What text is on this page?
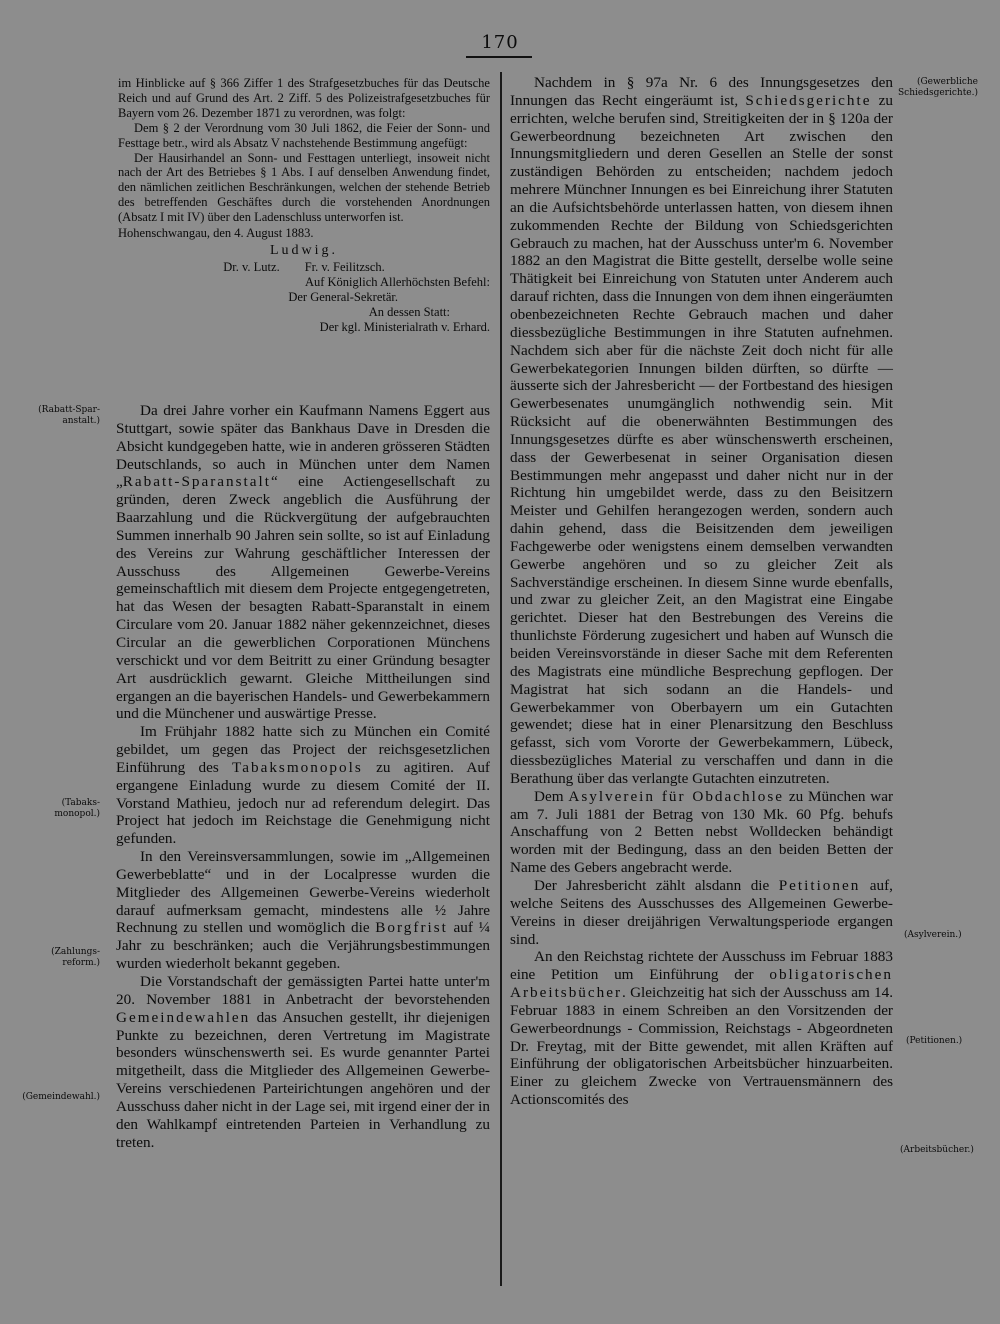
170

im Hinblicke auf § 366 Ziffer 1 des Strafgesetzbuches für das Deutsche Reich und auf Grund des Art. 2 Ziff. 5 des Polizeistrafgesetzbuches für Bayern vom 26. Dezember 1871 zu verordnen, was folgt:

Dem § 2 der Verordnung vom 30 Juli 1862, die Feier der Sonn- und Festtage betr., wird als Absatz V nachstehende Bestimmung angefügt:

Der Hausirhandel an Sonn- und Festtagen unterliegt, insoweit nicht nach der Art des Betriebes § 1 Abs. I auf denselben Anwendung findet, den nämlichen zeitlichen Beschränkungen, welchen der stehende Betrieb des betreffenden Geschäftes durch die vorstehenden Anordnungen (Absatz I mit IV) über den Ladenschluss unterworfen ist.

Hohenschwangau, den 4. August 1883.

Ludwig.

Dr. v. Lutz.        Fr. v. Feilitzsch.

Auf Königlich Allerhöchsten Befehl:

Der General-Sekretär.

An dessen Statt:

Der kgl. Ministerialrath v. Erhard.

Da drei Jahre vorher ein Kaufmann Namens Eggert aus Stuttgart, sowie später das Bankhaus Dave in Dresden die Absicht kundgegeben hatte, wie in anderen grösseren Städten Deutschlands, so auch in München unter dem Namen „Rabatt-Sparanstalt“ eine Actiengesellschaft zu gründen, deren Zweck angeblich die Ausführung der Baarzahlung und die Rückvergütung der aufgebrauchten Summen innerhalb 90 Jahren sein sollte, so ist auf Einladung des Vereins zur Wahrung geschäftlicher Interessen der Ausschuss des Allgemeinen Gewerbe-Vereins gemeinschaftlich mit diesem dem Projecte entgegengetreten, hat das Wesen der besagten Rabatt-Sparanstalt in einem Circulare vom 20. Januar 1882 näher gekennzeichnet, dieses Circular an die gewerblichen Corporationen Münchens verschickt und vor dem Beitritt zu einer Gründung besagter Art ausdrücklich gewarnt. Gleiche Mittheilungen sind ergangen an die bayerischen Handels- und Gewerbekammern und die Münchener und auswärtige Presse.

Im Frühjahr 1882 hatte sich zu München ein Comité gebildet, um gegen das Project der reichsgesetzlichen Einführung des Tabaksmonopols zu agitiren. Auf ergangene Einladung wurde zu diesem Comité der II. Vorstand Mathieu, jedoch nur ad referendum delegirt. Das Project hat jedoch im Reichstage die Genehmigung nicht gefunden.

In den Vereinsversammlungen, sowie im „Allgemeinen Gewerbeblatte“ und in der Localpresse wurden die Mitglieder des Allgemeinen Gewerbe-Vereins wiederholt darauf aufmerksam gemacht, mindestens alle ½ Jahre Rechnung zu stellen und womöglich die Borgfrist auf ¼ Jahr zu beschränken; auch die Verjährungsbestimmungen wurden wiederholt bekannt gegeben.

Die Vorstandschaft der gemässigten Partei hatte unter'm 20. November 1881 in Anbetracht der bevorstehenden Gemeindewahlen das Ansuchen gestellt, ihr diejenigen Punkte zu bezeichnen, deren Vertretung im Magistrate besonders wünschenswerth sei. Es wurde genannter Partei mitgetheilt, dass die Mitglieder des Allgemeinen Gewerbe-Vereins verschiedenen Parteirichtungen angehören und der Ausschuss daher nicht in der Lage sei, mit irgend einer der in den Wahlkampf eintretenden Parteien in Verhandlung zu treten.

Nachdem in § 97a Nr. 6 des Innungsgesetzes den Innungen das Recht eingeräumt ist, Schiedsgerichte zu errichten, welche berufen sind, Streitigkeiten der in § 120a der Gewerbeordnung bezeichneten Art zwischen den Innungsmitgliedern und deren Gesellen an Stelle der sonst zuständigen Behörden zu entscheiden; nachdem jedoch mehrere Münchner Innungen es bei Einreichung ihrer Statuten an die Aufsichtsbehörde unterlassen hatten, von diesem ihnen zukommenden Rechte der Bildung von Schiedsgerichten Gebrauch zu machen, hat der Ausschuss unter'm 6. November 1882 an den Magistrat die Bitte gestellt, derselbe wolle seine Thätigkeit bei Einreichung von Statuten unter Anderem auch darauf richten, dass die Innungen von dem ihnen eingeräumten obenbezeichneten Rechte Gebrauch machen und daher diessbezügliche Bestimmungen in ihre Statuten aufnehmen. Nachdem sich aber für die nächste Zeit doch nicht für alle Gewerbekategorien Innungen bilden dürften, so dürfte — äusserte sich der Jahresbericht — der Fortbestand des hiesigen Gewerbesenates unumgänglich nothwendig sein. Mit Rücksicht auf die obenerwähnten Bestimmungen des Innungsgesetzes dürfte es aber wünschenswerth erscheinen, dass der Gewerbesenat in seiner Organisation diesen Bestimmungen mehr angepasst und daher nicht nur in der Richtung hin umgebildet werde, dass zu den Beisitzern Meister und Gehilfen herangezogen werden, sondern auch dahin gehend, dass die Beisitzenden dem jeweiligen Fachgewerbe oder wenigstens einem demselben verwandten Gewerbe angehören und so zu gleicher Zeit als Sachverständige erscheinen. In diesem Sinne wurde ebenfalls, und zwar zu gleicher Zeit, an den Magistrat eine Eingabe gerichtet. Dieser hat den Bestrebungen des Vereins die thunlichste Förderung zugesichert und haben auf Wunsch die beiden Vereinsvorstände in dieser Sache mit dem Referenten des Magistrats eine mündliche Besprechung gepflogen. Der Magistrat hat sich sodann an die Handels- und Gewerbekammer von Oberbayern um ein Gutachten gewendet; diese hat in einer Plenarsitzung den Beschluss gefasst, sich vom Vororte der Gewerbekammern, Lübeck, diessbezügliches Material zu verschaffen und dann in die Berathung über das verlangte Gutachten einzutreten.

Dem Asylverein für Obdachlose zu München war am 7. Juli 1881 der Betrag von 130 Mk. 60 Pfg. behufs Anschaffung von 2 Betten nebst Wolldecken behändigt worden mit der Bedingung, dass an den beiden Betten der Name des Gebers angebracht werde.

Der Jahresbericht zählt alsdann die Petitionen auf, welche Seitens des Ausschusses des Allgemeinen Gewerbe-Vereins in dieser dreijährigen Verwaltungsperiode ergangen sind.

An den Reichstag richtete der Ausschuss im Februar 1883 eine Petition um Einführung der obligatorischen Arbeitsbücher. Gleichzeitig hat sich der Ausschuss am 14. Februar 1883 in einem Schreiben an den Vorsitzenden der Gewerbeordnungs - Commission, Reichstags - Abgeordneten Dr. Freytag, mit der Bitte gewendet, mit allen Kräften auf Einführung der obligatorischen Arbeitsbücher hinzuarbeiten. Einer zu gleichem Zwecke von Vertrauensmännern des Actionscomités des

(Rabatt-Spar-
anstalt.)
(Tabaks-
monopol.)
(Zahlungs-
reform.)
(Gemeindewahl.)
(Gewerbliche
Schiedsgerichte.)
(Asylverein.)
(Petitionen.)
(Arbeitsbücher.)
